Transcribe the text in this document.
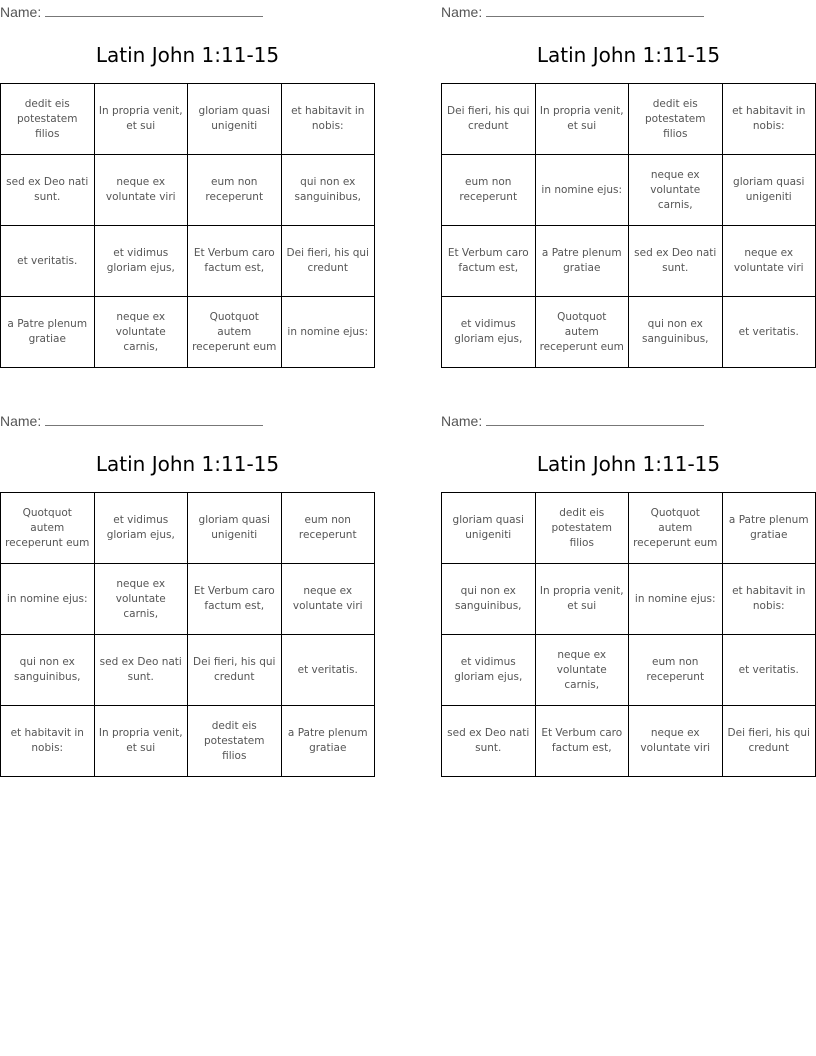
Name:
Latin John 1:11-15
dedit eis potestatem filios	In propria venit, et sui	gloriam quasi unigeniti	et habitavit in nobis:
sed ex Deo nati sunt.	neque ex voluntate viri	eum non receperunt	qui non ex sanguinibus,
et veritatis.	et vidimus gloriam ejus,	Et Verbum caro factum est,	Dei fieri, his qui credunt
a Patre plenum gratiae	neque ex voluntate carnis,	Quotquot autem receperunt eum	in nomine ejus:
Name:
Latin John 1:11-15
Dei fieri, his qui credunt	In propria venit, et sui	dedit eis potestatem filios	et habitavit in nobis:
eum non receperunt	in nomine ejus:	neque ex voluntate carnis,	gloriam quasi unigeniti
Et Verbum caro factum est,	a Patre plenum gratiae	sed ex Deo nati sunt.	neque ex voluntate viri
et vidimus gloriam ejus,	Quotquot autem receperunt eum	qui non ex sanguinibus,	et veritatis.
Name:
Latin John 1:11-15
Quotquot autem receperunt eum	et vidimus gloriam ejus,	gloriam quasi unigeniti	eum non receperunt
in nomine ejus:	neque ex voluntate carnis,	Et Verbum caro factum est,	neque ex voluntate viri
qui non ex sanguinibus,	sed ex Deo nati sunt.	Dei fieri, his qui credunt	et veritatis.
et habitavit in nobis:	In propria venit, et sui	dedit eis potestatem filios	a Patre plenum gratiae
Name:
Latin John 1:11-15
gloriam quasi unigeniti	dedit eis potestatem filios	Quotquot autem receperunt eum	a Patre plenum gratiae
qui non ex sanguinibus,	In propria venit, et sui	in nomine ejus:	et habitavit in nobis:
et vidimus gloriam ejus,	neque ex voluntate carnis,	eum non receperunt	et veritatis.
sed ex Deo nati sunt.	Et Verbum caro factum est,	neque ex voluntate viri	Dei fieri, his qui credunt
